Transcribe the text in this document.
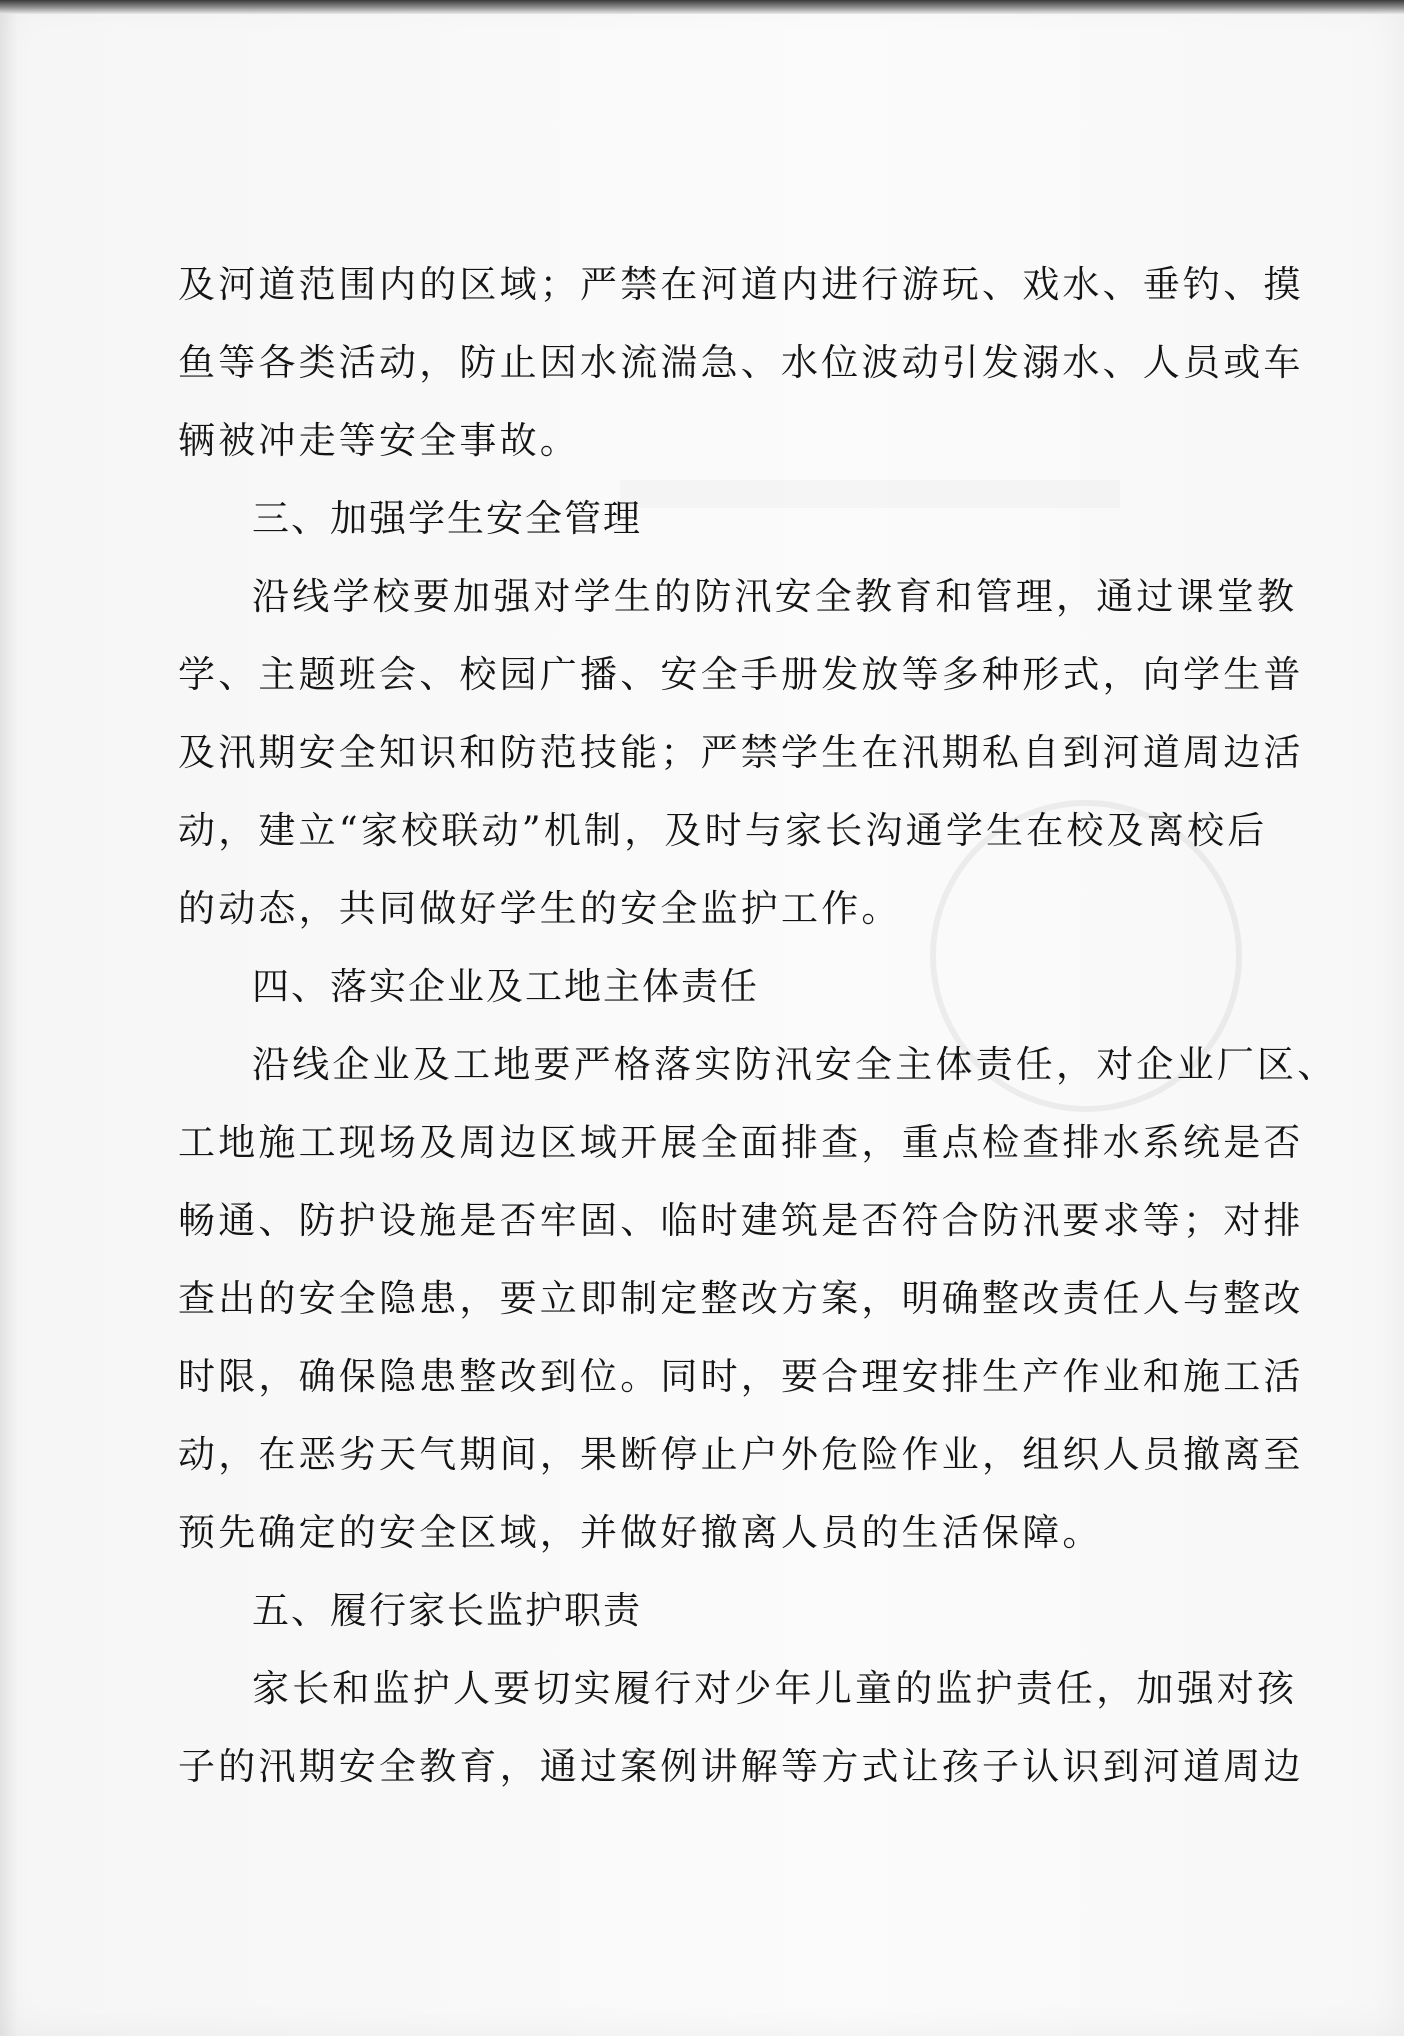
及河道范围内的区域；严禁在河道内进行游玩、戏水、垂钓、摸
鱼等各类活动，防止因水流湍急、水位波动引发溺水、人员或车
辆被冲走等安全事故。
三、加强学生安全管理
沿线学校要加强对学生的防汛安全教育和管理，通过课堂教
学、主题班会、校园广播、安全手册发放等多种形式，向学生普
及汛期安全知识和防范技能；严禁学生在汛期私自到河道周边活
动，建立“家校联动”机制，及时与家长沟通学生在校及离校后
的动态，共同做好学生的安全监护工作。
四、落实企业及工地主体责任
沿线企业及工地要严格落实防汛安全主体责任，对企业厂区、
工地施工现场及周边区域开展全面排查，重点检查排水系统是否
畅通、防护设施是否牢固、临时建筑是否符合防汛要求等；对排
查出的安全隐患，要立即制定整改方案，明确整改责任人与整改
时限，确保隐患整改到位。同时，要合理安排生产作业和施工活
动，在恶劣天气期间，果断停止户外危险作业，组织人员撤离至
预先确定的安全区域，并做好撤离人员的生活保障。
五、履行家长监护职责
家长和监护人要切实履行对少年儿童的监护责任，加强对孩
子的汛期安全教育，通过案例讲解等方式让孩子认识到河道周边
